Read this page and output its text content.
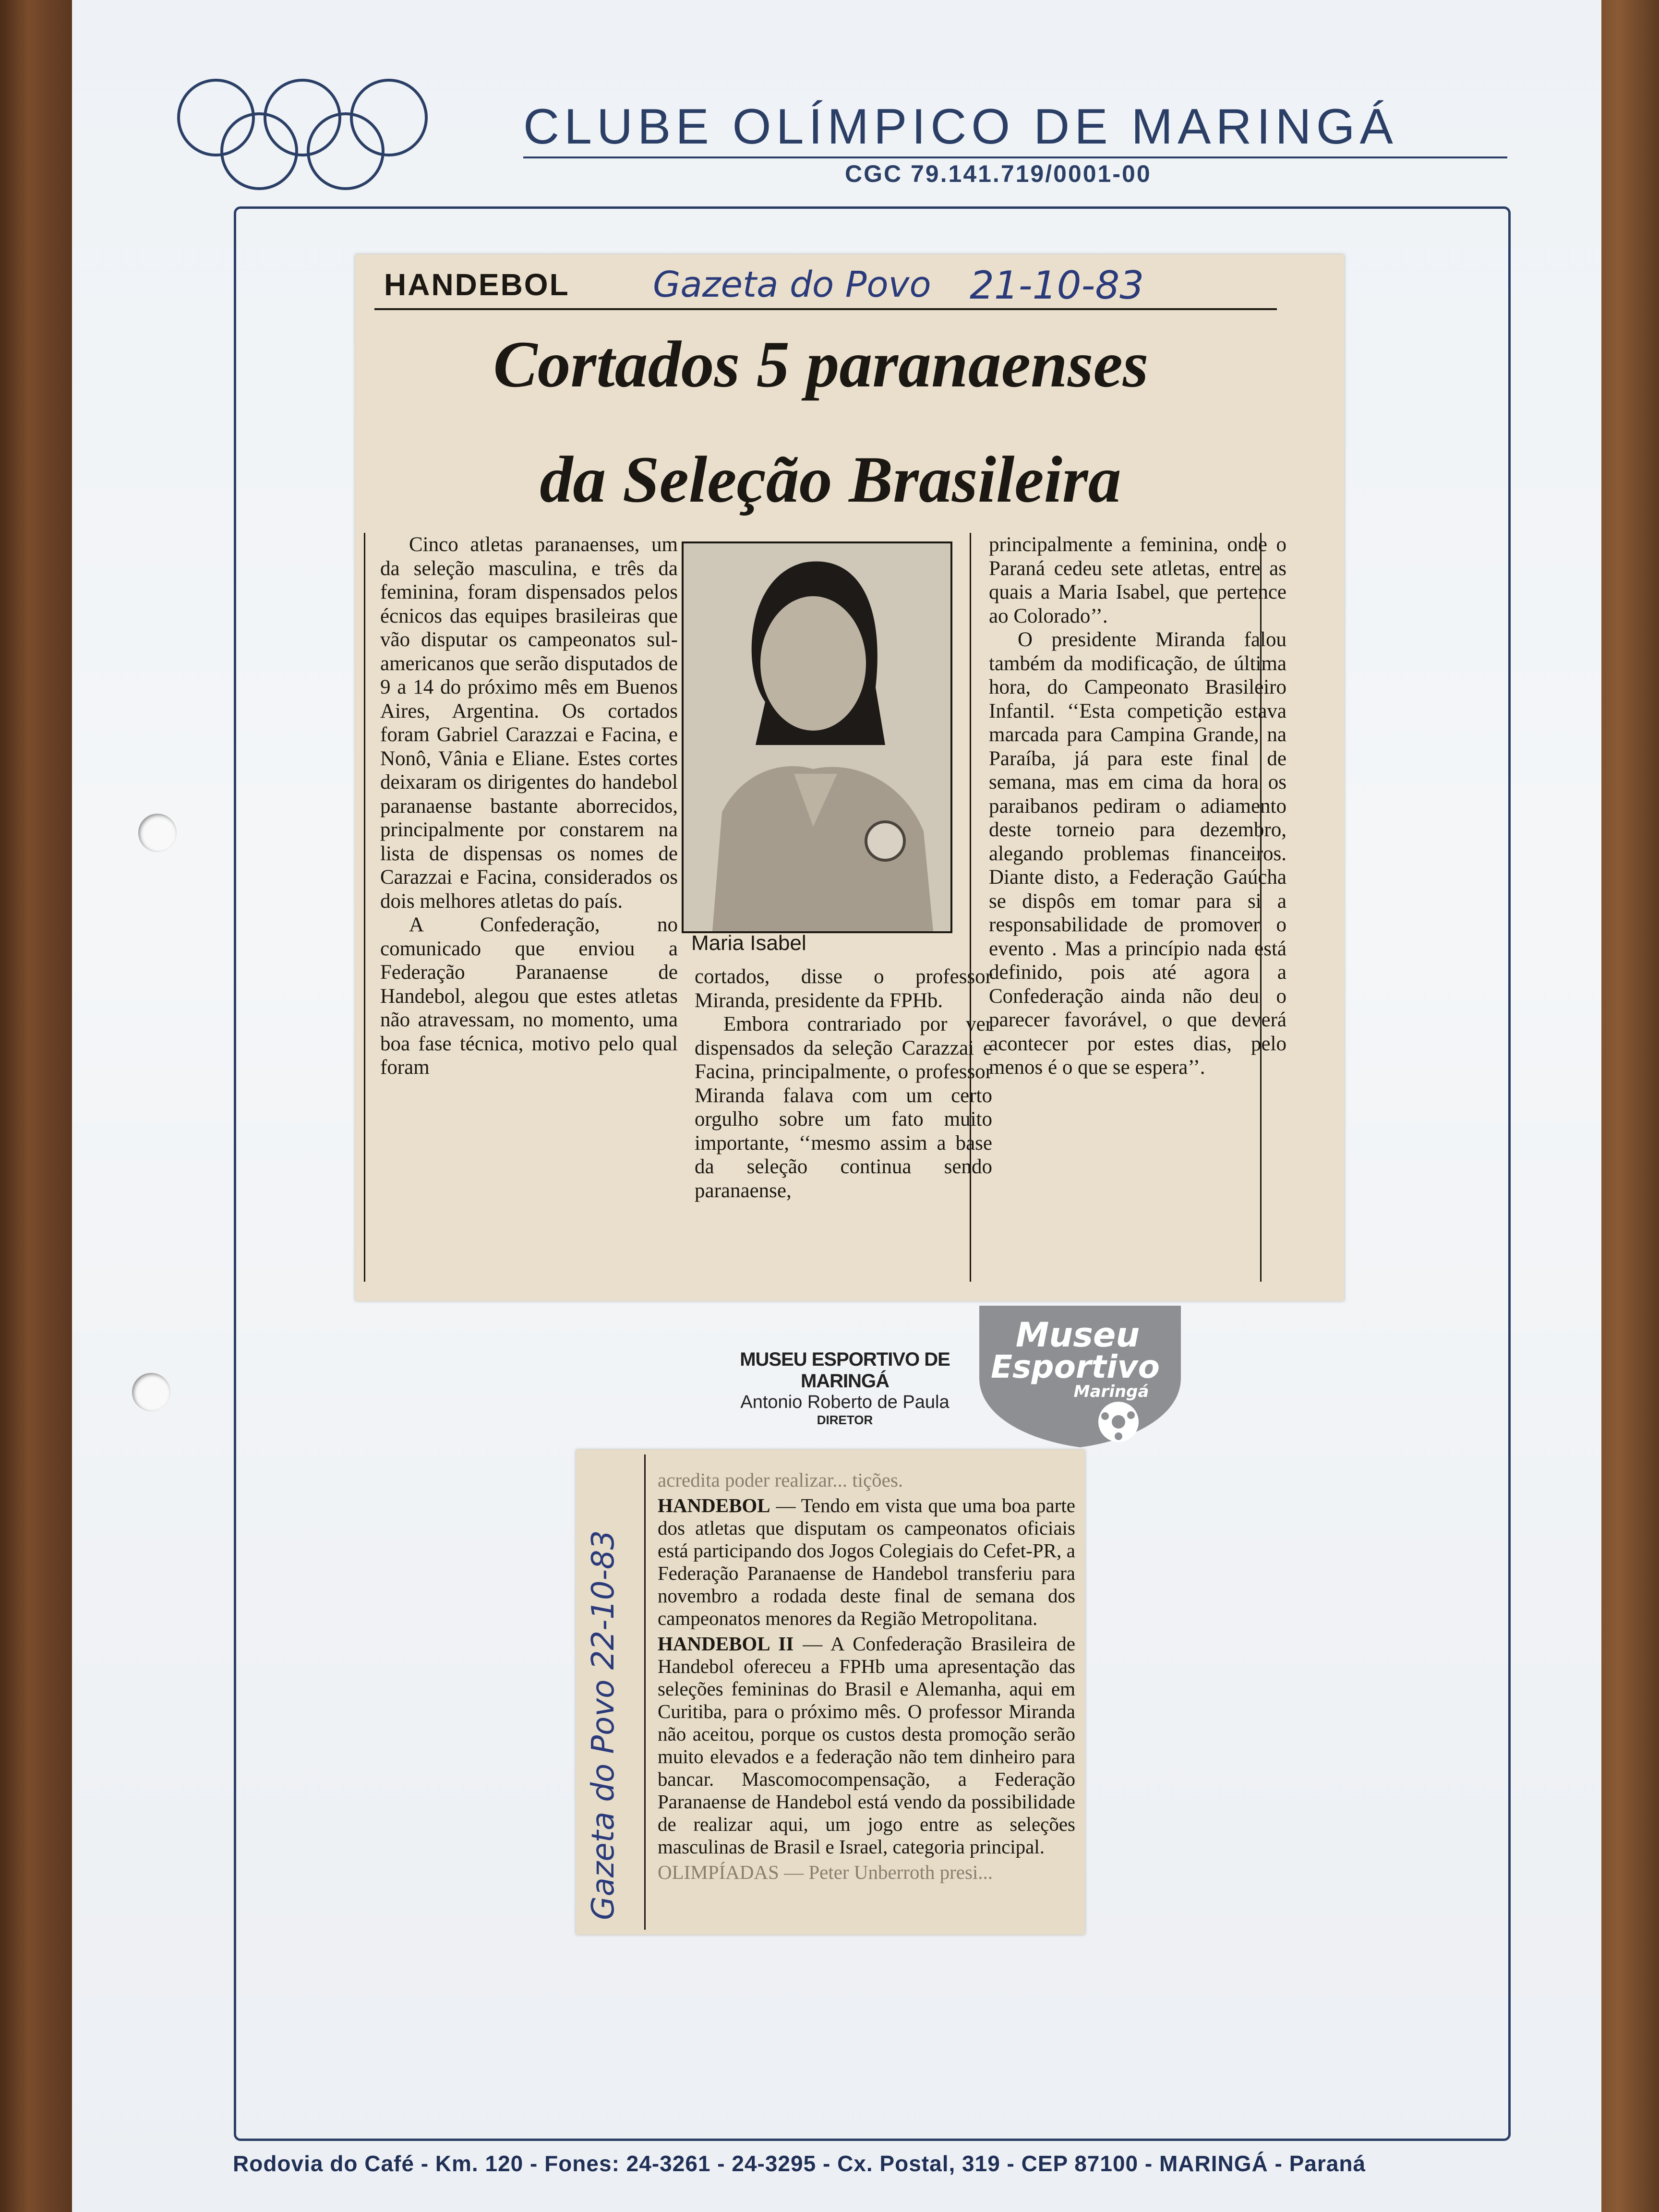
CLUBE OLÍMPICO DE MARINGÁ
CGC 79.141.719/0001-00
HANDEBOL Gazeta do Povo 21-10-83
Cortados 5 paranaenses
da Seleção Brasileira

Cinco atletas paranaenses, um da seleção masculina, e três da feminina, foram dispensados pelos écnicos das equipes brasileiras que vão disputar os campeonatos sul-americanos que serão disputados de 9 a 14 do próximo mês em Buenos Aires, Argentina. Os cortados foram Gabriel Carazzai e Facina, e Nonô, Vânia e Eliane. Estes cortes deixaram os dirigentes do handebol paranaense bastante aborrecidos, principalmente por constarem na lista de dispensas os nomes de Carazzai e Facina, considerados os dois melhores atletas do país.

A Confederação, no comunicado que enviou a Federação Paranaense de Handebol, alegou que estes atletas não atravessam, no momento, uma boa fase técnica, motivo pelo qual foram

Maria Isabel

cortados, disse o professor Miranda, presidente da FPHb.

Embora contrariado por ver dispensados da seleção Carazzai e Facina, principalmente, o professor Miranda falava com um certo orgulho sobre um fato muito importante, ‘‘mesmo assim a base da seleção continua sendo paranaense,

principalmente a feminina, onde o Paraná cedeu sete atletas, entre as quais a Maria Isabel, que pertence ao Colorado’’.

O presidente Miranda falou também da modificação, de última hora, do Campeonato Brasileiro Infantil. ‘‘Esta competição estava marcada para Campina Grande, na Paraíba, já para este final de semana, mas em cima da hora os paraibanos pediram o adiamento deste torneio para dezembro, alegando problemas financeiros. Diante disto, a Federação Gaúcha se dispôs em tomar para si a responsabilidade de promover o evento . Mas a princípio nada está definido, pois até agora a Confederação ainda não deu o parecer favorável, o que deverá acontecer por estes dias, pelo menos é o que se espera’’.

MUSEU ESPORTIVO DE MARINGÁ
Antonio Roberto de Paula
DIRETOR
Museu
Esportivo
Maringá
Gazeta do Povo 22-10-83

acredita poder realizar... tições.

HANDEBOL — Tendo em vista que uma boa parte dos atletas que disputam os campeonatos oficiais está participando dos Jogos Colegiais do Cefet-PR, a Federação Paranaense de Handebol transferiu para novembro a rodada deste final de semana dos campeonatos menores da Região Metropolitana.

HANDEBOL II — A Confederação Brasileira de Handebol ofereceu a FPHb uma apresentação das seleções femininas do Brasil e Alemanha, aqui em Curitiba, para o próximo mês. O professor Miranda não aceitou, porque os custos desta promoção serão muito elevados e a federação não tem dinheiro para bancar. Mascomocompensação, a Federação Paranaense de Handebol está vendo da possibilidade de realizar aqui, um jogo entre as seleções masculinas de Brasil e Israel, categoria principal.

OLIMPÍADAS — Peter Unberroth presi...

Rodovia do Café - Km. 120 - Fones: 24-3261 - 24-3295 - Cx. Postal, 319 - CEP 87100 - MARINGÁ - Paraná
